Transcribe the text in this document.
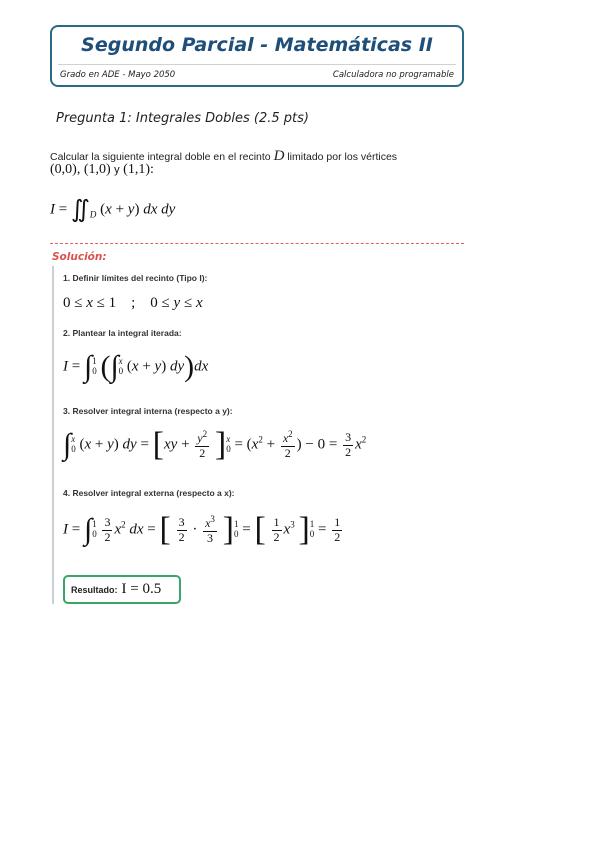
Segundo Parcial - Matemáticas II
Grado en ADE - Mayo 2050	Calculadora no programable
Pregunta 1: Integrales Dobles (2.5 pts)
Calcular la siguiente integral doble en el recinto D limitado por los vértices
(0,0), (1,0) y (1,1):
$I = ∬_D$ (x + y) dx dy
Solución:
1. Definir límites del recinto (Tipo I):
0 ≤ x ≤ 1    ;    0 ≤ y ≤ x
2. Plantear la integral iterada:
I = ∫ 1
0 (∫ x
0 (x + y) dy)dx
3. Resolver integral interna (respecto a y):
∫ x
0 (x + y) dy = [$xy + \frac{y^2}{2}$ ] x
$0 = (x^2 + \frac{x^2}{2}$ ) − $0 = \frac{3}{2} x^2$
4. Resolver integral externa (respecto a x):
I = ∫ 1
0
$\frac{3}{2} x^2$ dx = [ $\frac{3}{2} \cdot \frac{x^3}{3}$ ] 1
0 = [ $\frac{1}{2} x^3$ ] 1
$0 = \frac{1}{2}$
Resultado: I = 0.5
